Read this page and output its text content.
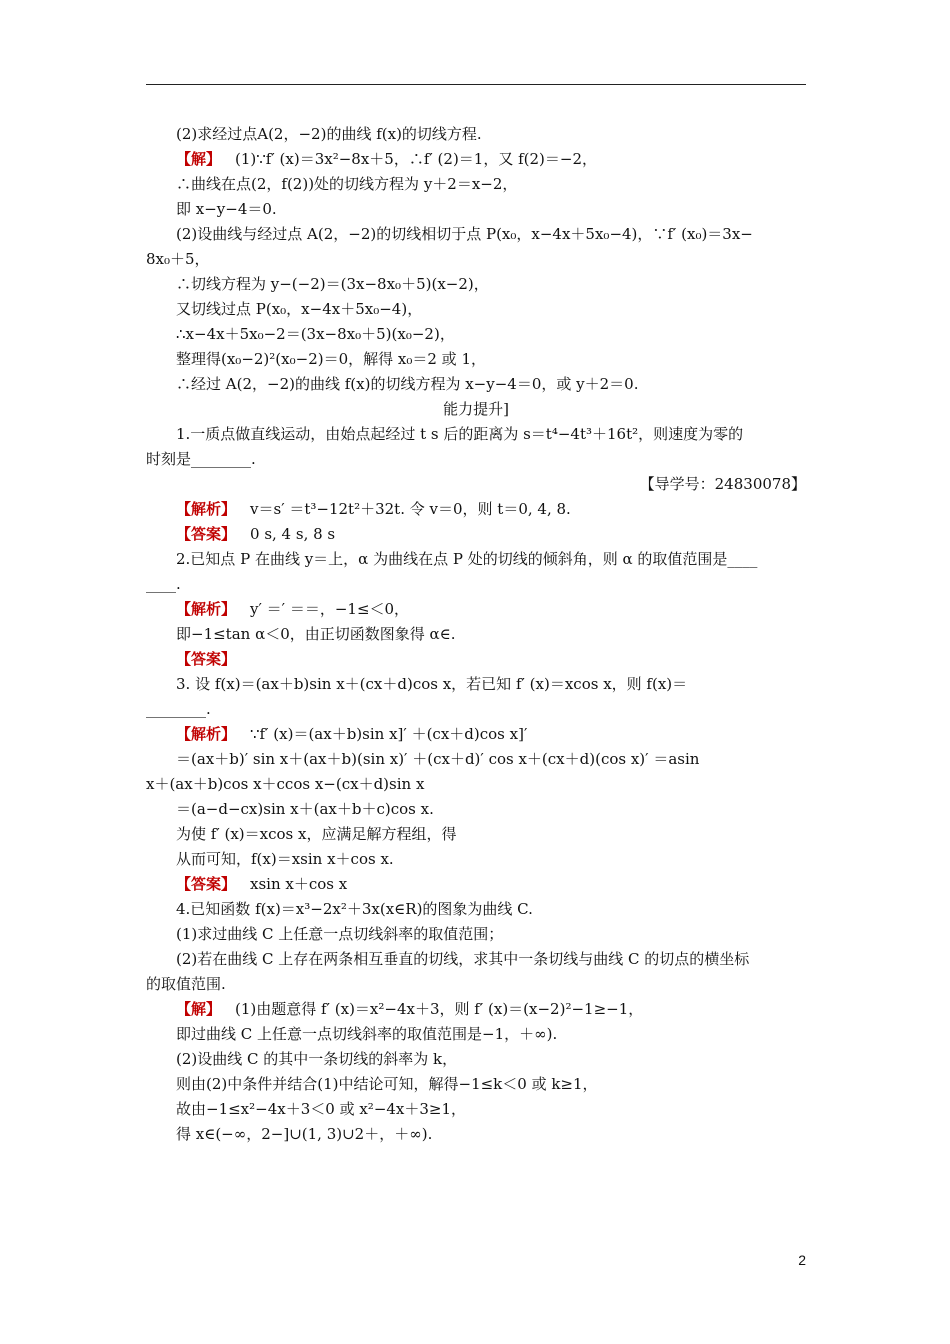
(2)求经过点A(2，−2)的曲线 f(x)的切线方程.
【解】 (1)∵f′ (x)＝3x²−8x＋5，∴f′ (2)＝1，又 f(2)＝−2，
∴曲线在点(2，f(2))处的切线方程为 y＋2＝x−2，
即 x−y−4＝0.
(2)设曲线与经过点 A(2，−2)的切线相切于点 P(x₀，x−4x＋5x₀−4)，∵f′ (x₀)＝3x−
8x₀＋5，
∴切线方程为 y−(−2)＝(3x−8x₀＋5)(x−2)，
又切线过点 P(x₀，x−4x＋5x₀−4)，
∴x−4x＋5x₀−2＝(3x−8x₀＋5)(x₀−2)，
整理得(x₀−2)²(x₀−2)＝0，解得 x₀＝2 或 1，
∴经过 A(2，−2)的曲线 f(x)的切线方程为 x−y−4＝0，或 y＋2＝0.
能力提升]
1.一质点做直线运动，由始点起经过 t s 后的距离为 s＝t⁴−4t³＋16t²，则速度为零的
时刻是________.
【导学号：24830078】
【解析】 v＝s′ ＝t³−12t²＋32t. 令 v＝0，则 t＝0, 4, 8.
【答案】 0 s, 4 s, 8 s
2.已知点 P 在曲线 y＝上，α 为曲线在点 P 处的切线的倾斜角，则 α 的取值范围是____
____.
【解析】 y′ ＝′ ＝＝，−1≤＜0，
即−1≤tan α＜0，由正切函数图象得 α∈.
【答案】
3. 设 f(x)＝(ax＋b)sin x＋(cx＋d)cos x，若已知 f′ (x)＝xcos x，则 f(x)＝
________.
【解析】 ∵f′ (x)＝(ax＋b)sin x]′ ＋(cx＋d)cos x]′
＝(ax＋b)′ sin x＋(ax＋b)(sin x)′ ＋(cx＋d)′ cos x＋(cx＋d)(cos x)′ ＝asin
x＋(ax＋b)cos x＋ccos x−(cx＋d)sin x
＝(a−d−cx)sin x＋(ax＋b＋c)cos x.
为使 f′ (x)＝xcos x，应满足解方程组，得
从而可知，f(x)＝xsin x＋cos x.
【答案】 xsin x＋cos x
4.已知函数 f(x)＝x³−2x²＋3x(x∈R)的图象为曲线 C.
(1)求过曲线 C 上任意一点切线斜率的取值范围；
(2)若在曲线 C 上存在两条相互垂直的切线，求其中一条切线与曲线 C 的切点的横坐标
的取值范围.
【解】 (1)由题意得 f′ (x)＝x²−4x＋3，则 f′ (x)＝(x−2)²−1≥−1，
即过曲线 C 上任意一点切线斜率的取值范围是−1，＋∞).
(2)设曲线 C 的其中一条切线的斜率为 k，
则由(2)中条件并结合(1)中结论可知，解得−1≤k＜0 或 k≥1，
故由−1≤x²−4x＋3＜0 或 x²−4x＋3≥1，
得 x∈(−∞，2−]∪(1, 3)∪2＋，＋∞).
2
